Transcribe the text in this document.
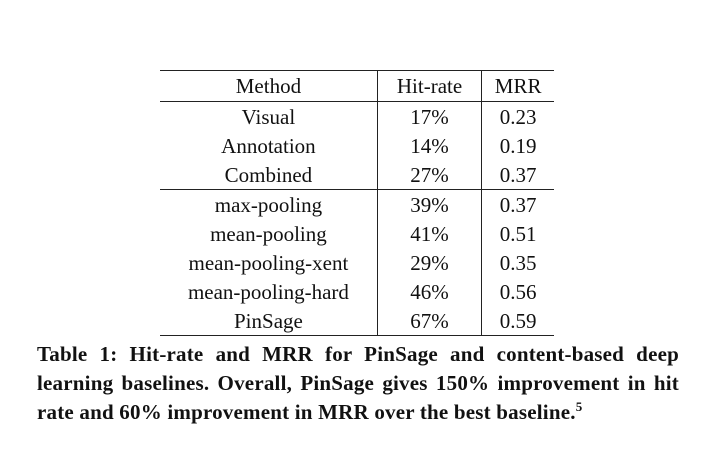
Method	Hit-rate	MRR
Visual	17%	0.23
Annotation	14%	0.19
Combined	27%	0.37
max-pooling	39%	0.37
mean-pooling	41%	0.51
mean-pooling-xent	29%	0.35
mean-pooling-hard	46%	0.56
PinSage	67%	0.59
Table 1: Hit-rate and MRR for PinSage and content-based deep learning baselines. Overall, PinSage gives 150% improvement in hit rate and 60% improvement in MRR over the best baseline.$^5$
